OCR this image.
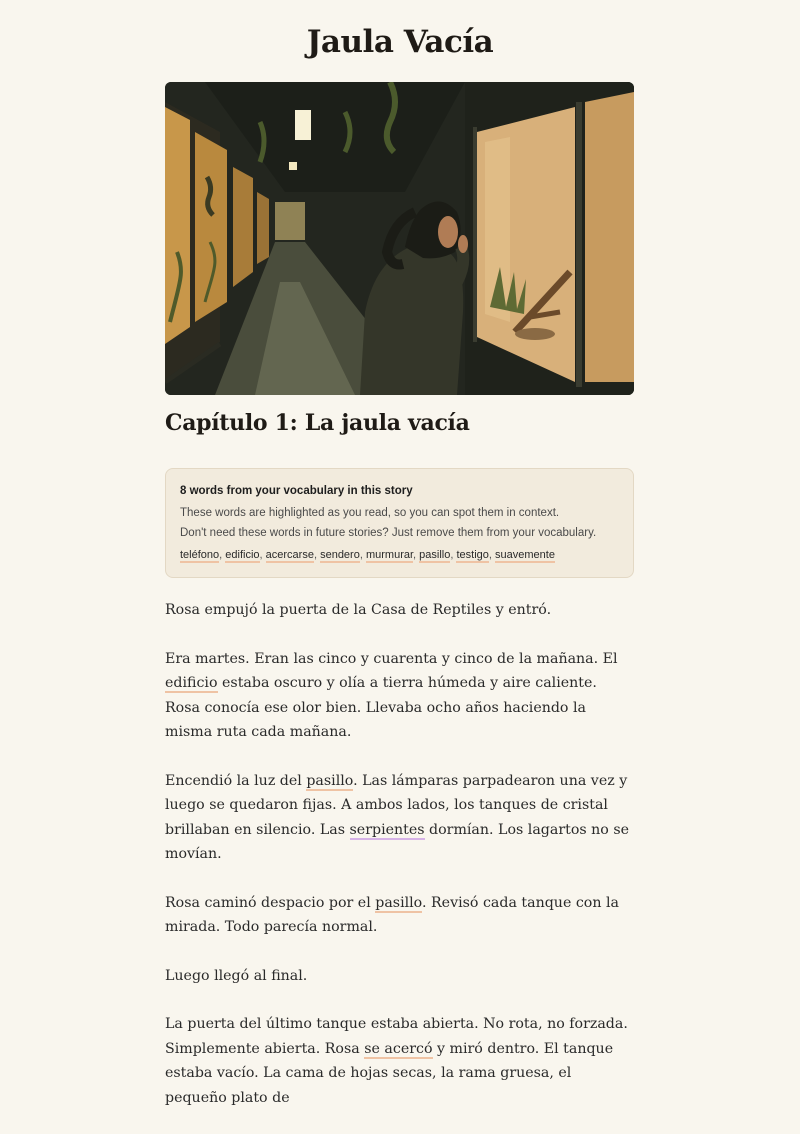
Jaula Vacía
Capítulo 1: La jaula vacía

8 words from your vocabulary in this story

These words are highlighted as you read, so you can spot them in context.

Don't need these words in future stories? Just remove them from your vocabulary.

teléfono, edificio, acercarse, sendero, murmurar, pasillo, testigo, suavemente

Rosa empujó la puerta de la Casa de Reptiles y entró.

Era martes. Eran las cinco y cuarenta y cinco de la mañana. El edificio estaba oscuro y olía a tierra húmeda y aire caliente. Rosa conocía ese olor bien. Llevaba ocho años haciendo la misma ruta cada mañana.

Encendió la luz del pasillo. Las lámparas parpadearon una vez y luego se quedaron fijas. A ambos lados, los tanques de cristal brillaban en silencio. Las serpientes dormían. Los lagartos no se movían.

Rosa caminó despacio por el pasillo. Revisó cada tanque con la mirada. Todo parecía normal.

Luego llegó al final.

La puerta del último tanque estaba abierta. No rota, no forzada. Simplemente abierta. Rosa se acercó y miró dentro. El tanque estaba vacío. La cama de hojas secas, la rama gruesa, el pequeño plato de
